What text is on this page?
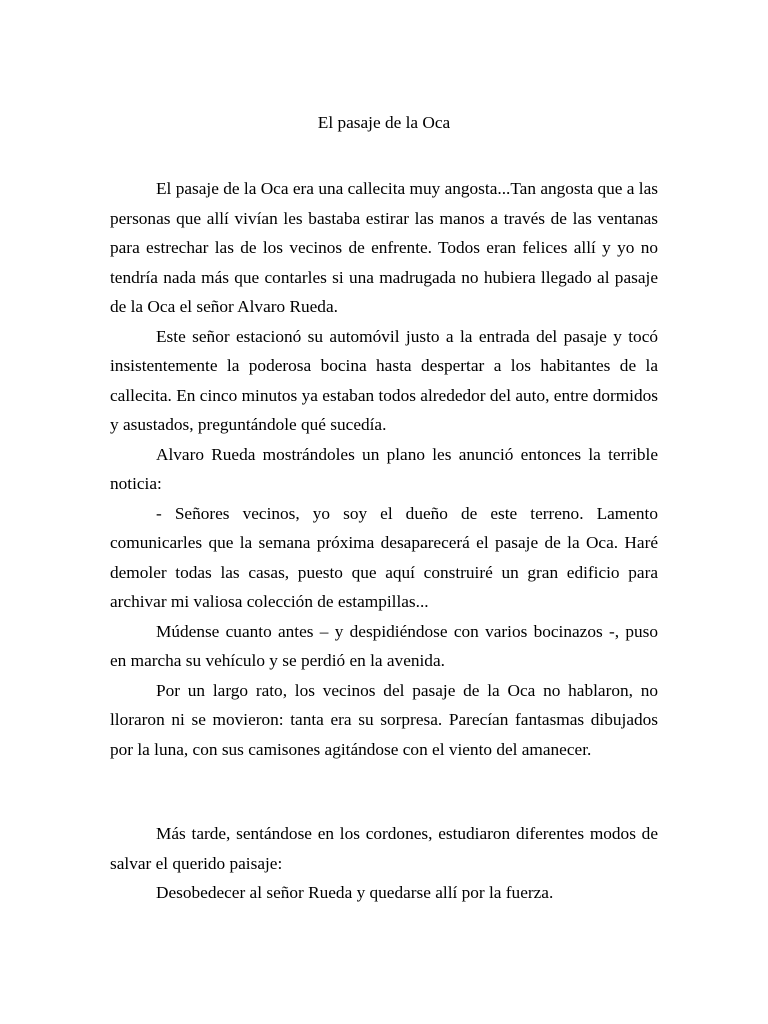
El pasaje de la Oca

El pasaje de la Oca era una callecita muy angosta...Tan angosta que a las personas que allí vivían les bastaba estirar las manos a través de las ventanas para estrechar las de los vecinos de enfrente. Todos eran felices allí y yo no tendría nada más que contarles si una madrugada no hubiera llegado al pasaje de la Oca el señor Alvaro Rueda.

Este señor estacionó su automóvil justo a la entrada del pasaje y tocó insistentemente la poderosa bocina hasta despertar a los habitantes de la callecita. En cinco minutos ya estaban todos alrededor del auto, entre dormidos y asustados, preguntándole qué sucedía.

Alvaro Rueda mostrándoles un plano les anunció entonces la terrible noticia:

- Señores vecinos, yo soy el dueño de este terreno. Lamento comunicarles que la semana próxima desaparecerá el pasaje de la Oca. Haré demoler todas las casas, puesto que aquí construiré un gran edificio para archivar mi valiosa colección de estampillas...

Múdense cuanto antes – y despidiéndose con varios bocinazos -, puso en marcha su vehículo y se perdió en la avenida.

Por un largo rato, los vecinos del pasaje de la Oca no hablaron, no lloraron ni se movieron: tanta era su sorpresa. Parecían fantasmas dibujados por la luna, con sus camisones agitándose con el viento del amanecer.

Más tarde, sentándose en los cordones, estudiaron diferentes modos de salvar el querido paisaje:

Desobedecer al señor Rueda y quedarse allí por la fuerza.
